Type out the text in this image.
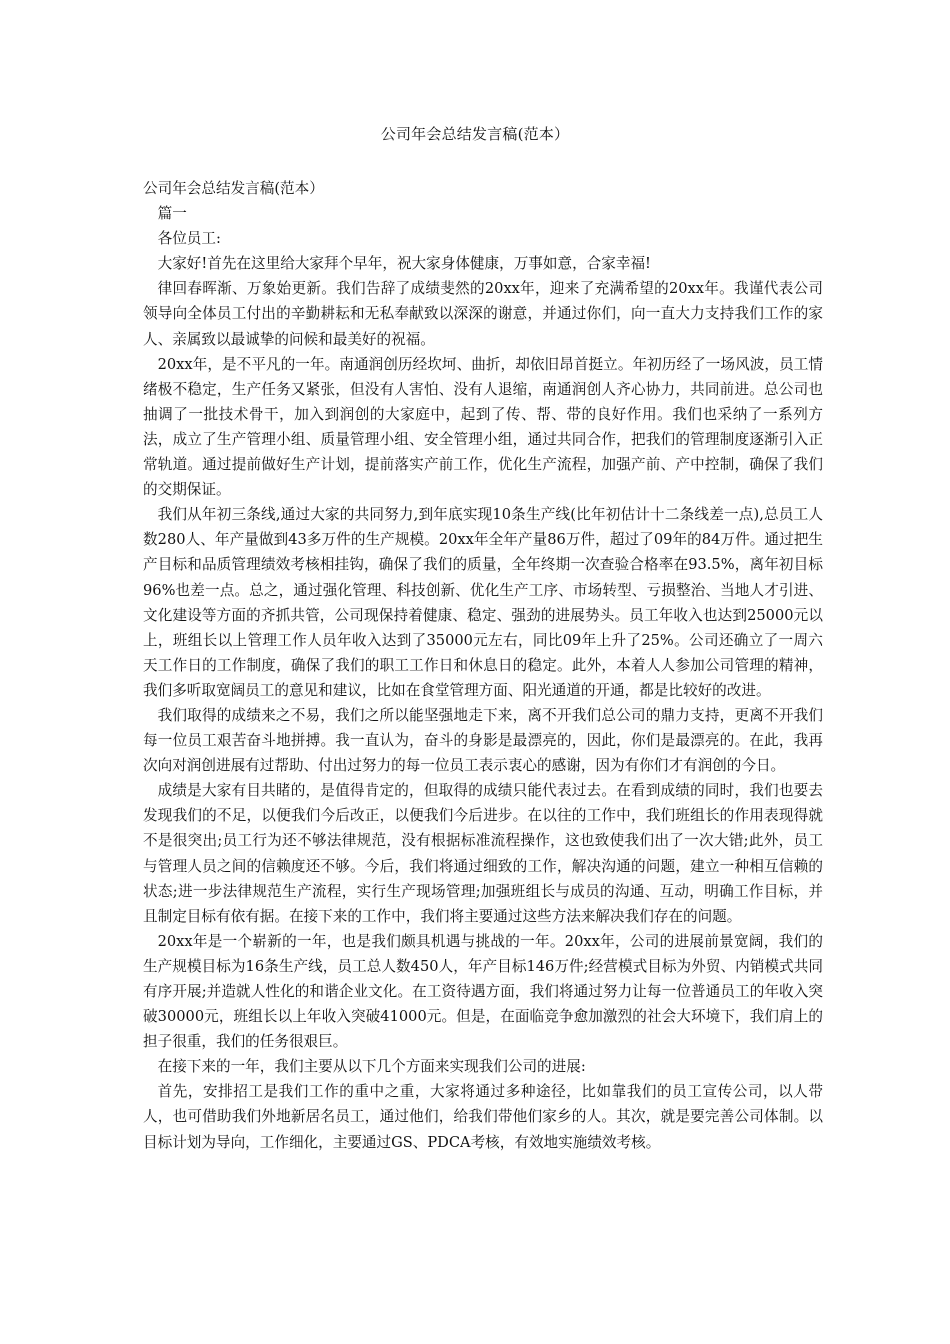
公司年会总结发言稿(范本）

公司年会总结发言稿(范本）

篇一

各位员工:

大家好!首先在这里给大家拜个早年，祝大家身体健康，万事如意，合家幸福!

律回春晖渐、万象始更新。我们告辞了成绩斐然的20xx年，迎来了充满希望的20xx年。我谨代表公司领导向全体员工付出的辛勤耕耘和无私奉献致以深深的谢意，并通过你们，向一直大力支持我们工作的家人、亲属致以最诚挚的问候和最美好的祝福。

20xx年，是不平凡的一年。南通润创历经坎坷、曲折，却依旧昂首挺立。年初历经了一场风波，员工情绪极不稳定，生产任务又紧张，但没有人害怕、没有人退缩，南通润创人齐心协力，共同前进。总公司也抽调了一批技术骨干，加入到润创的大家庭中，起到了传、帮、带的良好作用。我们也采纳了一系列方法，成立了生产管理小组、质量管理小组、安全管理小组，通过共同合作，把我们的管理制度逐渐引入正常轨道。通过提前做好生产计划，提前落实产前工作，优化生产流程，加强产前、产中控制，确保了我们的交期保证。

我们从年初三条线,通过大家的共同努力,到年底实现10条生产线(比年初估计十二条线差一点),总员工人数280人、年产量做到43多万件的生产规模。20xx年全年产量86万件，超过了09年的84万件。通过把生产目标和品质管理绩效考核相挂钩，确保了我们的质量，全年终期一次查验合格率在93.5%，离年初目标96%也差一点。总之，通过强化管理、科技创新、优化生产工序、市场转型、亏损整治、当地人才引进、文化建设等方面的齐抓共管，公司现保持着健康、稳定、强劲的进展势头。员工年收入也达到25000元以上，班组长以上管理工作人员年收入达到了35000元左右，同比09年上升了25%。公司还确立了一周六天工作日的工作制度，确保了我们的职工工作日和休息日的稳定。此外，本着人人参加公司管理的精神，我们多听取宽阔员工的意见和建议，比如在食堂管理方面、阳光通道的开通，都是比较好的改进。

我们取得的成绩来之不易，我们之所以能坚强地走下来，离不开我们总公司的鼎力支持，更离不开我们每一位员工艰苦奋斗地拼搏。我一直认为，奋斗的身影是最漂亮的，因此，你们是最漂亮的。在此，我再次向对润创进展有过帮助、付出过努力的每一位员工表示衷心的感谢，因为有你们才有润创的今日。

成绩是大家有目共睹的，是值得肯定的，但取得的成绩只能代表过去。在看到成绩的同时，我们也要去发现我们的不足，以便我们今后改正，以便我们今后进步。在以往的工作中，我们班组长的作用表现得就不是很突出;员工行为还不够法律规范，没有根据标准流程操作，这也致使我们出了一次大错;此外，员工与管理人员之间的信赖度还不够。今后，我们将通过细致的工作，解决沟通的问题，建立一种相互信赖的状态;进一步法律规范生产流程，实行生产现场管理;加强班组长与成员的沟通、互动，明确工作目标，并且制定目标有依有据。在接下来的工作中，我们将主要通过这些方法来解决我们存在的问题。

20xx年是一个崭新的一年，也是我们颇具机遇与挑战的一年。20xx年，公司的进展前景宽阔，我们的生产规模目标为16条生产线，员工总人数450人，年产目标146万件;经营模式目标为外贸、内销模式共同有序开展;并造就人性化的和谐企业文化。在工资待遇方面，我们将通过努力让每一位普通员工的年收入突破30000元，班组长以上年收入突破41000元。但是，在面临竞争愈加激烈的社会大环境下，我们肩上的担子很重，我们的任务很艰巨。

在接下来的一年，我们主要从以下几个方面来实现我们公司的进展:

首先，安排招工是我们工作的重中之重，大家将通过多种途径，比如靠我们的员工宣传公司，以人带人，也可借助我们外地新居名员工，通过他们，给我们带他们家乡的人。其次，就是要完善公司体制。以目标计划为导向，工作细化，主要通过GS、PDCA考核，有效地实施绩效考核。
